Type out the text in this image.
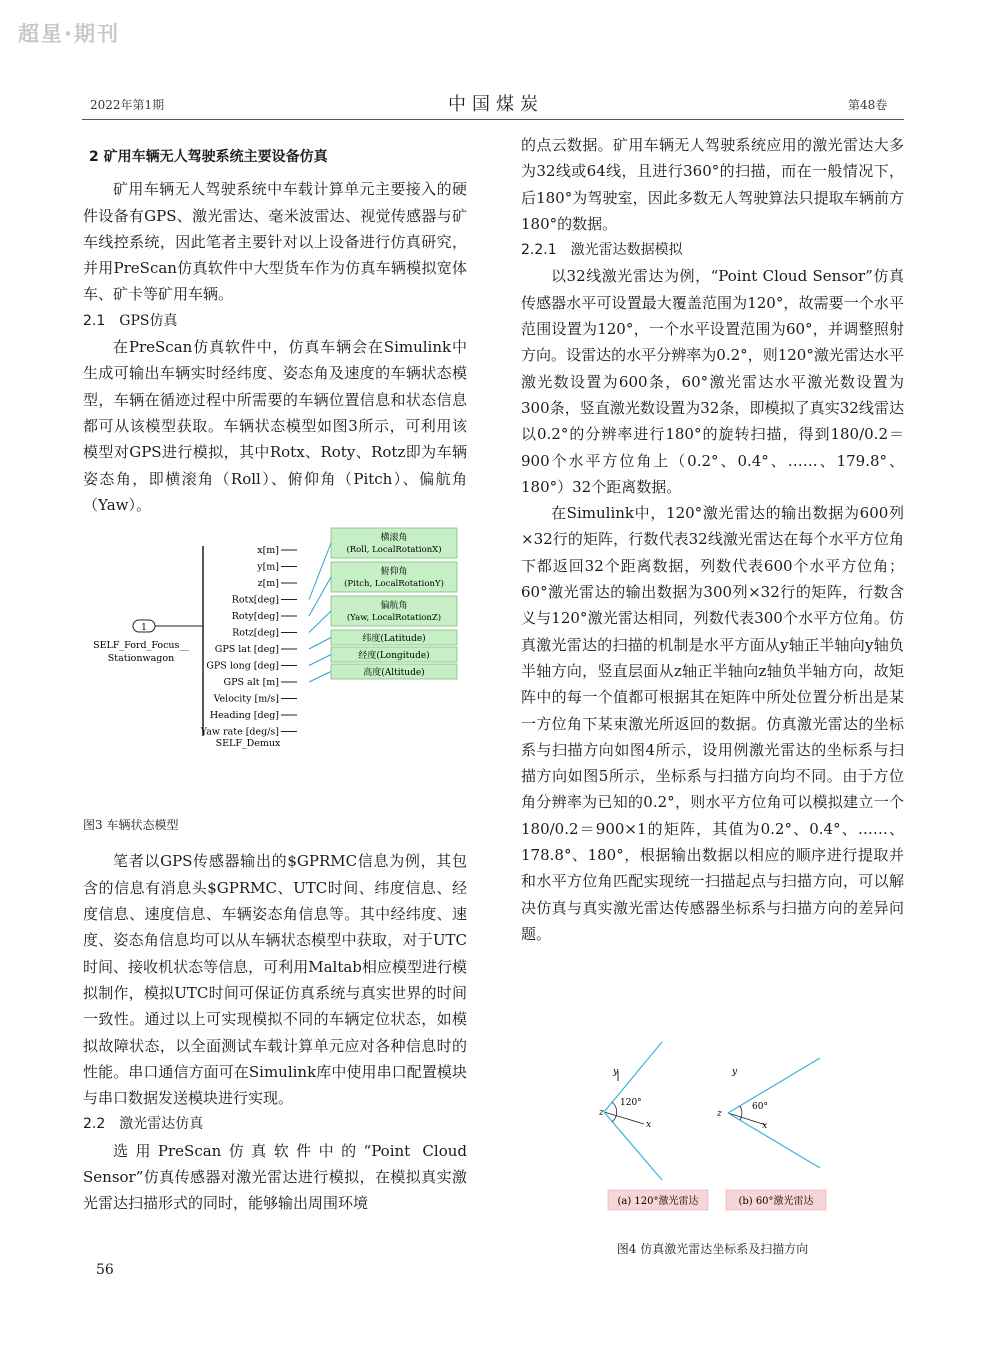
超星·期刊
2022年第1期	中国煤炭	第48卷

2 矿用车辆无人驾驶系统主要设备仿真

矿用车辆无人驾驶系统中车载计算单元主要接入的硬件设备有GPS、激光雷达、毫米波雷达、视觉传感器与矿车线控系统，因此笔者主要针对以上设备进行仿真研究，并用PreScan仿真软件中大型货车作为仿真车辆模拟宽体车、矿卡等矿用车辆。

2.1 GPS仿真

在PreScan仿真软件中，仿真车辆会在Simulink中生成可输出车辆实时经纬度、姿态角及速度的车辆状态模型，车辆在循迹过程中所需要的车辆位置信息和状态信息都可从该模型获取。车辆状态模型如图3所示，可利用该模型对GPS进行模拟，其中Rotx、Roty、Rotz即为车辆姿态角，即横滚角（Roll）、俯仰角（Pitch）、偏航角（Yaw）。

1
SELF_Ford_Focus__
Stationwagon
SELF_Demux
x[m]
y[m]
z[m]
Rotx[deg]
Roty[deg]
Rotz[deg]
GPS lat [deg]
GPS long [deg]
GPS alt [m]
Velocity [m/s]
Heading [deg]
Yaw rate [deg/s]
(Roll, LocalRotationX)
横滚角
(Pitch, LocalRotationY)
俯仰角
(Yaw, LocalRotationZ)
偏航角
纬度(Latitude)
经度(Longitude)
高度(Altitude)

图3 车辆状态模型

笔者以GPS传感器输出的$GPRMC信息为例，其包含的信息有消息头$GPRMC、UTC时间、纬度信息、经度信息、速度信息、车辆姿态角信息等。其中经纬度、速度、姿态角信息均可以从车辆状态模型中获取，对于UTC时间、接收机状态等信息，可利用Maltab相应模型进行模拟制作，模拟UTC时间可保证仿真系统与真实世界的时间一致性。通过以上可实现模拟不同的车辆定位状态，如模拟故障状态，以全面测试车载计算单元应对各种信息时的性能。串口通信方面可在Simulink库中使用串口配置模块与串口数据发送模块进行实现。

2.2 激光雷达仿真

选用PreScan仿真软件中的“Point Cloud Sensor”仿真传感器对激光雷达进行模拟，在模拟真实激光雷达扫描形式的同时，能够输出周围环境

的点云数据。矿用车辆无人驾驶系统应用的激光雷达大多为32线或64线，且进行360°的扫描，而在一般情况下，后180°为驾驶室，因此多数无人驾驶算法只提取车辆前方180°的数据。

2.2.1 激光雷达数据模拟

以32线激光雷达为例，“Point Cloud Sensor”仿真传感器水平可设置最大覆盖范围为120°，故需要一个水平范围设置为120°，一个水平设置范围为60°，并调整照射方向。设雷达的水平分辨率为0.2°，则120°激光雷达水平激光数设置为600条，60°激光雷达水平激光数设置为300条，竖直激光数设置为32条，即模拟了真实32线雷达以0.2°的分辨率进行180°的旋转扫描，得到180/0.2＝900个水平方位角上（0.2°、0.4°、……、179.8°、180°）32个距离数据。

在Simulink中，120°激光雷达的输出数据为600列×32行的矩阵，行数代表32线激光雷达在每个水平方位角下都返回32个距离数据，列数代表600个水平方位角；60°激光雷达的输出数据为300列×32行的矩阵，行数含义与120°激光雷达相同，列数代表300个水平方位角。仿真激光雷达的扫描的机制是水平方面从y轴正半轴向y轴负半轴方向，竖直层面从z轴正半轴向z轴负半轴方向，故矩阵中的每一个值都可根据其在矩阵中所处位置分析出是某一方位角下某束激光所返回的数据。仿真激光雷达的坐标系与扫描方向如图4所示，设用例激光雷达的坐标系与扫描方向如图5所示，坐标系与扫描方向均不同。由于方位角分辨率为已知的0.2°，则水平方位角可以模拟建立一个180/0.2＝900×1的矩阵，其值为0.2°、0.4°、……、178.8°、180°，根据输出数据以相应的顺序进行提取并和水平方位角匹配实现统一扫描起点与扫描方向，可以解决仿真与真实激光雷达传感器坐标系与扫描方向的差异问题。

y
z
x
120°
(a) 120°激光雷达
y
z
x
60°
(b) 60°激光雷达
图4 仿真激光雷达坐标系及扫描方向
56
